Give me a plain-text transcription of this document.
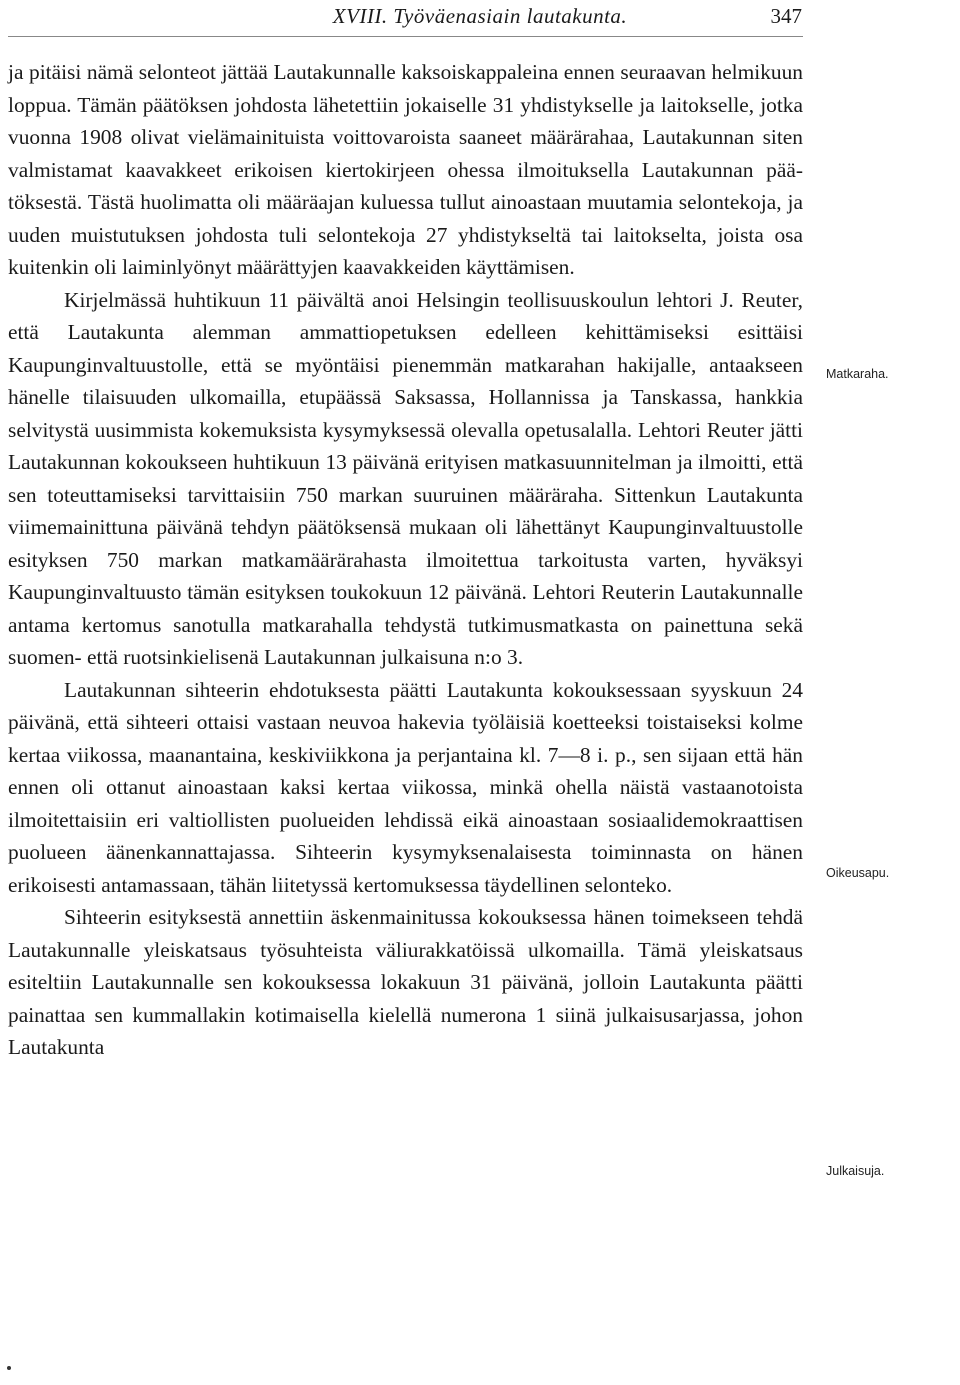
XVIII. Työväenasiain lautakunta.	347

ja pitäisi nämä selonteot jättää Lautakunnalle kaksoiskappaleina ennen seuraavan helmikuun loppua. Tämän päätöksen johdosta lähetettiin jokaiselle 31 yhdistykselle ja laitokselle, jotka vuonna 1908 olivat vielämainituista voittovaroista saaneet määrärahaa, Lautakunnan siten valmistamat kaavakkeet erikoisen kiertokirjeen ohessa ilmoituksella Lautakunnan päätöksestä. Tästä huolimatta oli määräajan kuluessa tullut ainoastaan muutamia selontekoja, ja uuden muistutuksen johdosta tuli selontekoja 27 yhdistykseltä tai laitokselta, joista osa kuitenkin oli laiminlyönyt määrättyjen kaavakkeiden käyttämisen.

Kirjelmässä huhtikuun 11 päivältä anoi Helsingin teollisuuskoulun lehtori J. Reuter, että Lautakunta alemman ammattiopetuksen edelleen kehittämiseksi esittäisi Kaupunginvaltuustolle, että se myöntäisi pienemmän matkarahan hakijalle, antaakseen hänelle tilaisuuden ulkomailla, etupäässä Saksassa, Hollannissa ja Tanskassa, hankkia selvitystä uusimmista kokemuksista kysymyksessä olevalla opetusalalla. Lehtori Reuter jätti Lautakunnan kokoukseen huhtikuun 13 päivänä erityisen matkasuunnitelman ja ilmoitti, että sen toteuttamiseksi tarvittaisiin 750 markan suuruinen määräraha. Sittenkun Lautakunta viimemainittuna päivänä tehdyn päätöksensä mukaan oli lähettänyt Kaupunginvaltuustolle esityksen 750 markan matkamäärärahasta ilmoitettua tarkoitusta varten, hyväksyi Kaupunginvaltuusto tämän esityksen toukokuun 12 päivänä. Lehtori Reuterin Lautakunnalle antama kertomus sanotulla matkarahalla tehdystä tutkimusmatkasta on painettuna sekä suomen- että ruotsinkielisenä Lautakunnan julkaisuna n:o 3.

Lautakunnan sihteerin ehdotuksesta päätti Lautakunta kokouksessaan syyskuun 24 päivänä, että sihteeri ottaisi vastaan neuvoa hakevia työläisiä koetteeksi toistaiseksi kolme kertaa viikossa, maanantaina, keskiviikkona ja perjantaina kl. 7—8 i. p., sen sijaan että hän ennen oli ottanut ainoastaan kaksi kertaa viikossa, minkä ohella näistä vastaanotoista ilmoitettaisiin eri valtiollisten puolueiden lehdissä eikä ainoastaan sosiaalidemokraattisen puolueen äänenkannattajassa. Sihteerin kysymyksenalaisesta toiminnasta on hänen erikoisesti antamassaan, tähän liitetyssä kertomuksessa täydellinen selonteko.

Sihteerin esityksestä annettiin äskenmainitussa kokouksessa hänen toimekseen tehdä Lautakunnalle yleiskatsaus työsuhteista väliurakkatöissä ulkomailla. Tämä yleiskatsaus esiteltiin Lautakunnalle sen kokouksessa lokakuun 31 päivänä, jolloin Lautakunta päätti painattaa sen kummallakin kotimaisella kielellä numerona 1 siinä julkaisusarjassa, johon Lautakunta

Matkaraha.
Oikeusapu.
Julkaisuja.
